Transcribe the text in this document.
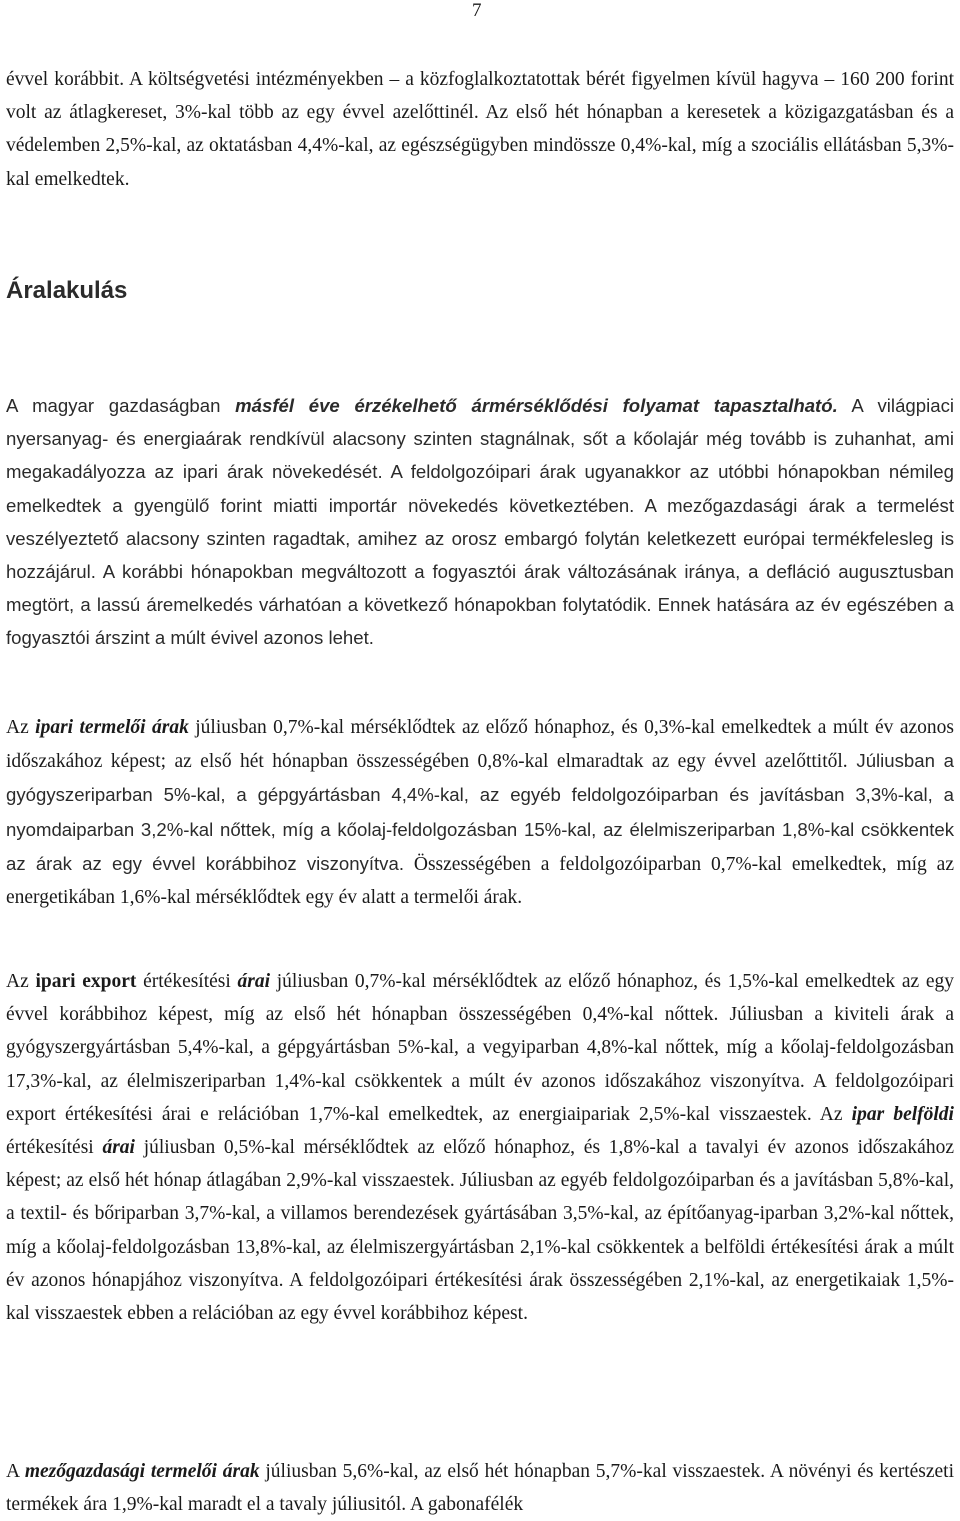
7

évvel korábbit. A költségvetési intézményekben – a közfoglalkoztatottak bérét figyelmen kívül hagyva – 160 200 forint volt az átlagkereset, 3%-kal több az egy évvel azelőttinél. Az első hét hónapban a keresetek a közigazgatásban és a védelemben 2,5%-kal, az oktatásban 4,4%-kal, az egészségügyben mindössze 0,4%-kal, míg a szociális ellátásban 5,3%-kal emelkedtek.

Áralakulás

A magyar gazdaságban másfél éve érzékelhető ármérséklődési folyamat tapasztalható. A világpiaci nyersanyag- és energiaárak rendkívül alacsony szinten stagnálnak, sőt a kőolajár még tovább is zuhanhat, ami megakadályozza az ipari árak növekedését. A feldolgozóipari árak ugyanakkor az utóbbi hónapokban némileg emelkedtek a gyengülő forint miatti importár növekedés következtében. A mezőgazdasági árak a termelést veszélyeztető alacsony szinten ragadtak, amihez az orosz embargó folytán keletkezett európai termékfelesleg is hozzájárul. A korábbi hónapokban megváltozott a fogyasztói árak változásának iránya, a defláció augusztusban megtört, a lassú áremelkedés várhatóan a következő hónapokban folytatódik. Ennek hatására az év egészében a fogyasztói árszint a múlt évivel azonos lehet.

Az ipari termelői árak júliusban 0,7%-kal mérséklődtek az előző hónaphoz, és 0,3%-kal emelkedtek a múlt év azonos időszakához képest; az első hét hónapban összességében 0,8%-kal elmaradtak az egy évvel azelőttitől. Júliusban a gyógyszeriparban 5%-kal, a gépgyártásban 4,4%-kal, az egyéb feldolgozóiparban és javításban 3,3%-kal, a nyomdaiparban 3,2%-kal nőttek, míg a kőolaj-feldolgozásban 15%-kal, az élelmiszeriparban 1,8%-kal csökkentek az árak az egy évvel korábbihoz viszonyítva. Összességében a feldolgozóiparban 0,7%-kal emelkedtek, míg az energetikában 1,6%-kal mérséklődtek egy év alatt a termelői árak.

Az ipari export értékesítési árai júliusban 0,7%-kal mérséklődtek az előző hónaphoz, és 1,5%-kal emelkedtek az egy évvel korábbihoz képest, míg az első hét hónapban összességében 0,4%-kal nőttek. Júliusban a kiviteli árak a gyógyszergyártásban 5,4%-kal, a gépgyártásban 5%-kal, a vegyiparban 4,8%-kal nőttek, míg a kőolaj-feldolgozásban 17,3%-kal, az élelmiszeriparban 1,4%-kal csökkentek a múlt év azonos időszakához viszonyítva. A feldolgozóipari export értékesítési árai e relációban 1,7%-kal emelkedtek, az energiaipariak 2,5%-kal visszaestek. Az ipar belföldi értékesítési árai júliusban 0,5%-kal mérséklődtek az előző hónaphoz, és 1,8%-kal a tavalyi év azonos időszakához képest; az első hét hónap átlagában 2,9%-kal visszaestek. Júliusban az egyéb feldolgozóiparban és a javításban 5,8%-kal, a textil- és bőriparban 3,7%-kal, a villamos berendezések gyártásában 3,5%-kal, az építőanyag-iparban 3,2%-kal nőttek, míg a kőolaj-feldolgozásban 13,8%-kal, az élelmiszergyártásban 2,1%-kal csökkentek a belföldi értékesítési árak a múlt év azonos hónapjához viszonyítva. A feldolgozóipari értékesítési árak összességében 2,1%-kal, az energetikaiak 1,5%-kal visszaestek ebben a relációban az egy évvel korábbihoz képest.

A mezőgazdasági termelői árak júliusban 5,6%-kal, az első hét hónapban 5,7%-kal visszaestek. A növényi és kertészeti termékek ára 1,9%-kal maradt el a tavaly júliusitól. A gabonafélék
